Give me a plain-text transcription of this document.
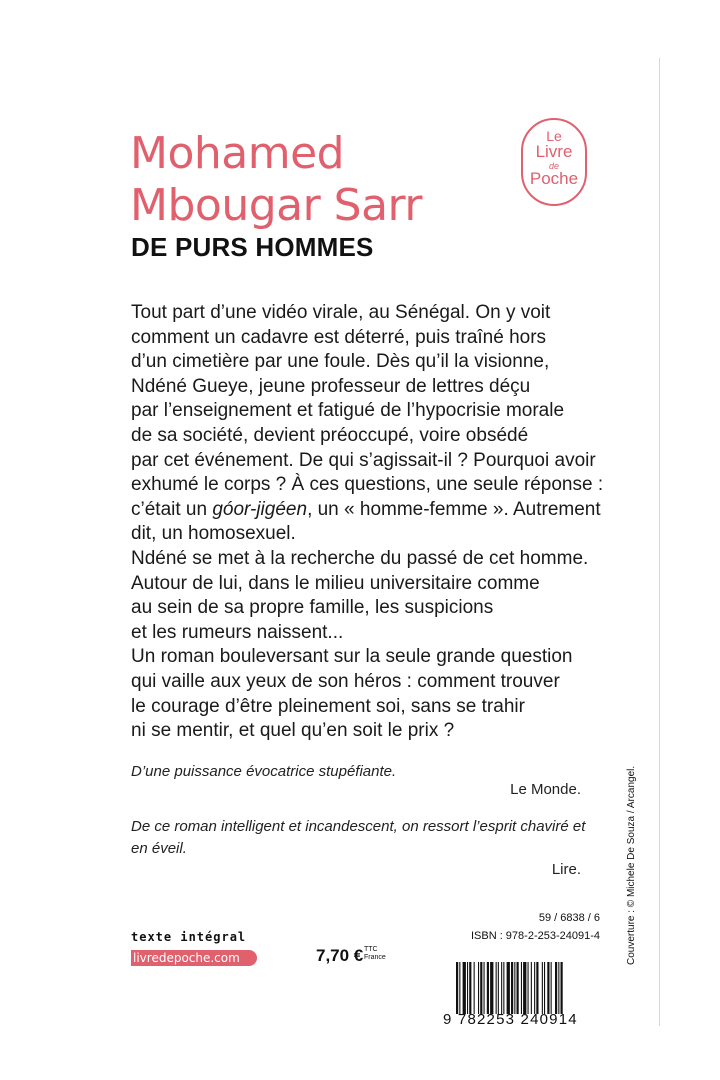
Le
Livre
de
Poche
Mohamed
Mbougar Sarr
DE PURS HOMMES
Tout part d’une vidéo virale, au Sénégal. On y voit
comment un cadavre est déterré, puis traîné hors
d’un cimetière par une foule. Dès qu’il la visionne,
Ndéné Gueye, jeune professeur de lettres déçu
par l’enseignement et fatigué de l’hypocrisie morale
de sa société, devient préoccupé, voire obsédé
par cet événement. De qui s’agissait-il ? Pourquoi avoir
exhumé le corps ? À ces questions, une seule réponse :
c’était un góor-jigéen, un « homme-femme ». Autrement
dit, un homosexuel.
Ndéné se met à la recherche du passé de cet homme.
Autour de lui, dans le milieu universitaire comme
au sein de sa propre famille, les suspicions
et les rumeurs naissent...
Un roman bouleversant sur la seule grande question
qui vaille aux yeux de son héros : comment trouver
le courage d’être pleinement soi, sans se trahir
ni se mentir, et quel qu’en soit le prix ?
D’une puissance évocatrice stupéfiante.
Le Monde.
De ce roman intelligent et incandescent, on ressort l’esprit chaviré et en éveil.
Lire.
texte intégral
livredepoche.com	7,70 € TTC
France
59 / 6838 / 6
ISBN : 978-2-253-24091-4
9 782253 240914
Couverture : © Michele De Souza / Arcangel.
